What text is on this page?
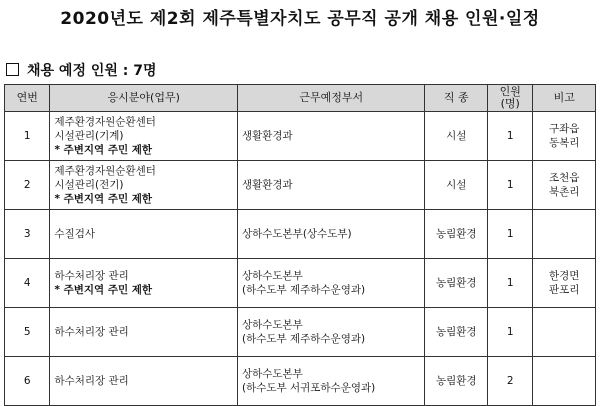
2020년도 제2회 제주특별자치도 공무직 공개 채용 인원·일정
채용 예정 인원 : 7명
연번	응시분야(업무)	근무예정부서	직 종	인원(명)	비고
1	제주환경자원순환센터
시설관리(기계)
* 주변지역 주민 제한	생활환경과	시설	1	구좌읍
동복리

2	제주환경자원순환센터
시설관리(전기)
* 주변지역 주민 제한	생활환경과	시설	1	조천읍
북촌리

3	수질검사	상하수도본부(상수도부)	농림환경	1	
4	하수처리장 관리
* 주변지역 주민 제한	상하수도본부
(하수도부 제주하수운영과)	농림환경	1	한경면
판포리

5	하수처리장 관리	상하수도본부
(하수도부 제주하수운영과)	농림환경	1	
6	하수처리장 관리	상하수도본부
(하수도부 서귀포하수운영과)	농림환경	2	
